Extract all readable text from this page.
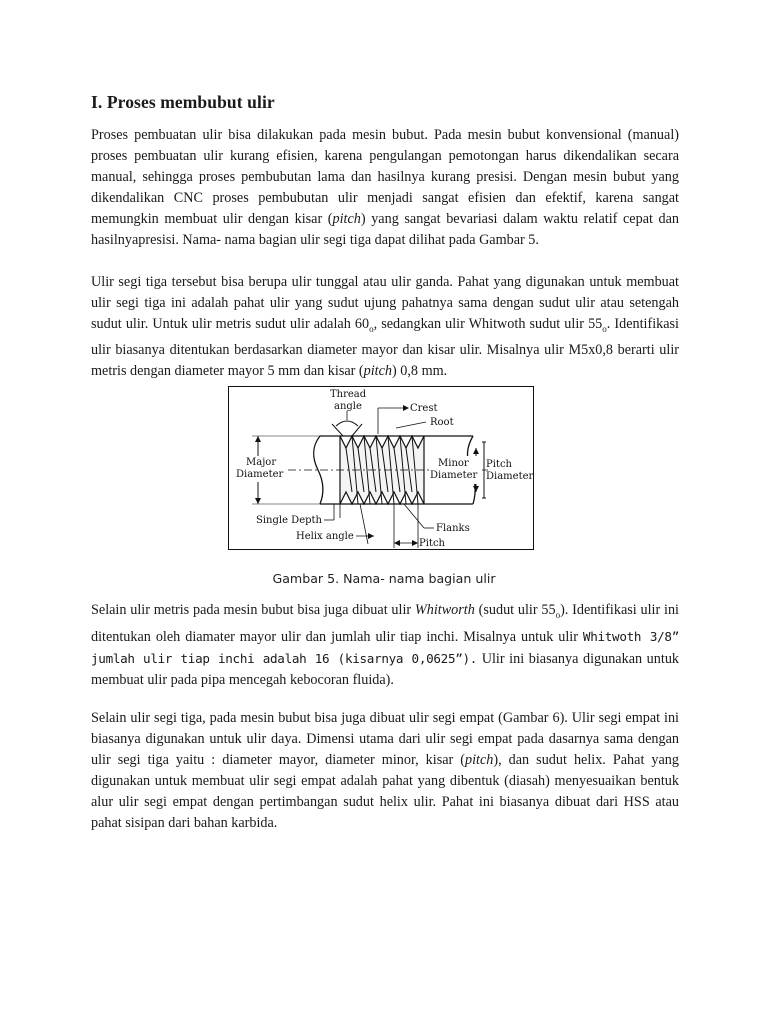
I. Proses membubut ulir

Proses pembuatan ulir bisa dilakukan pada mesin bubut. Pada mesin bubut konvensional (manual) proses pembuatan ulir kurang efisien, karena pengulangan pemotongan harus dikendalikan secara manual, sehingga proses pembubutan lama dan hasilnya kurang presisi. Dengan mesin bubut yang dikendalikan CNC proses pembubutan ulir menjadi sangat efisien dan efektif, karena sangat memungkin membuat ulir dengan kisar (pitch) yang sangat bevariasi dalam waktu relatif cepat dan hasilnyapresisi. Nama- nama bagian ulir segi tiga dapat dilihat pada Gambar 5.

Ulir segi tiga tersebut bisa berupa ulir tunggal atau ulir ganda. Pahat yang digunakan untuk membuat ulir segi tiga ini adalah pahat ulir yang sudut ujung pahatnya sama dengan sudut ulir atau setengah sudut ulir. Untuk ulir metris sudut ulir adalah $60_o$, sedangkan ulir Whitwoth sudut ulir $55_o$. Identifikasi ulir biasanya ditentukan berdasarkan diameter mayor dan kisar ulir. Misalnya ulir M5x0,8 berarti ulir metris dengan diameter mayor 5 mm dan kisar (pitch) 0,8 mm.

Thread
angle	Crest
Root
Major
Diameter
Minor
Diameter
Pitch
Diameter
Single Depth
Helix angle
Flanks
Pitch
Gambar 5. Nama- nama bagian ulir

Selain ulir metris pada mesin bubut bisa juga dibuat ulir Whitworth (sudut ulir $55_o$). Identifikasi ulir ini ditentukan oleh diamater mayor ulir dan jumlah ulir tiap inchi. Misalnya untuk ulir Whitwoth 3/8” jumlah ulir tiap inchi adalah 16 (kisarnya 0,0625”). Ulir ini biasanya digunakan untuk membuat ulir pada pipa mencegah kebocoran fluida).

Selain ulir segi tiga, pada mesin bubut bisa juga dibuat ulir segi empat (Gambar 6). Ulir segi empat ini biasanya digunakan untuk ulir daya. Dimensi utama dari ulir segi empat pada dasarnya sama dengan ulir segi tiga yaitu : diameter mayor, diameter minor, kisar (pitch), dan sudut helix. Pahat yang digunakan untuk membuat ulir segi empat adalah pahat yang dibentuk (diasah) menyesuaikan bentuk alur ulir segi empat dengan pertimbangan sudut helix ulir. Pahat ini biasanya dibuat dari HSS atau pahat sisipan dari bahan karbida.
